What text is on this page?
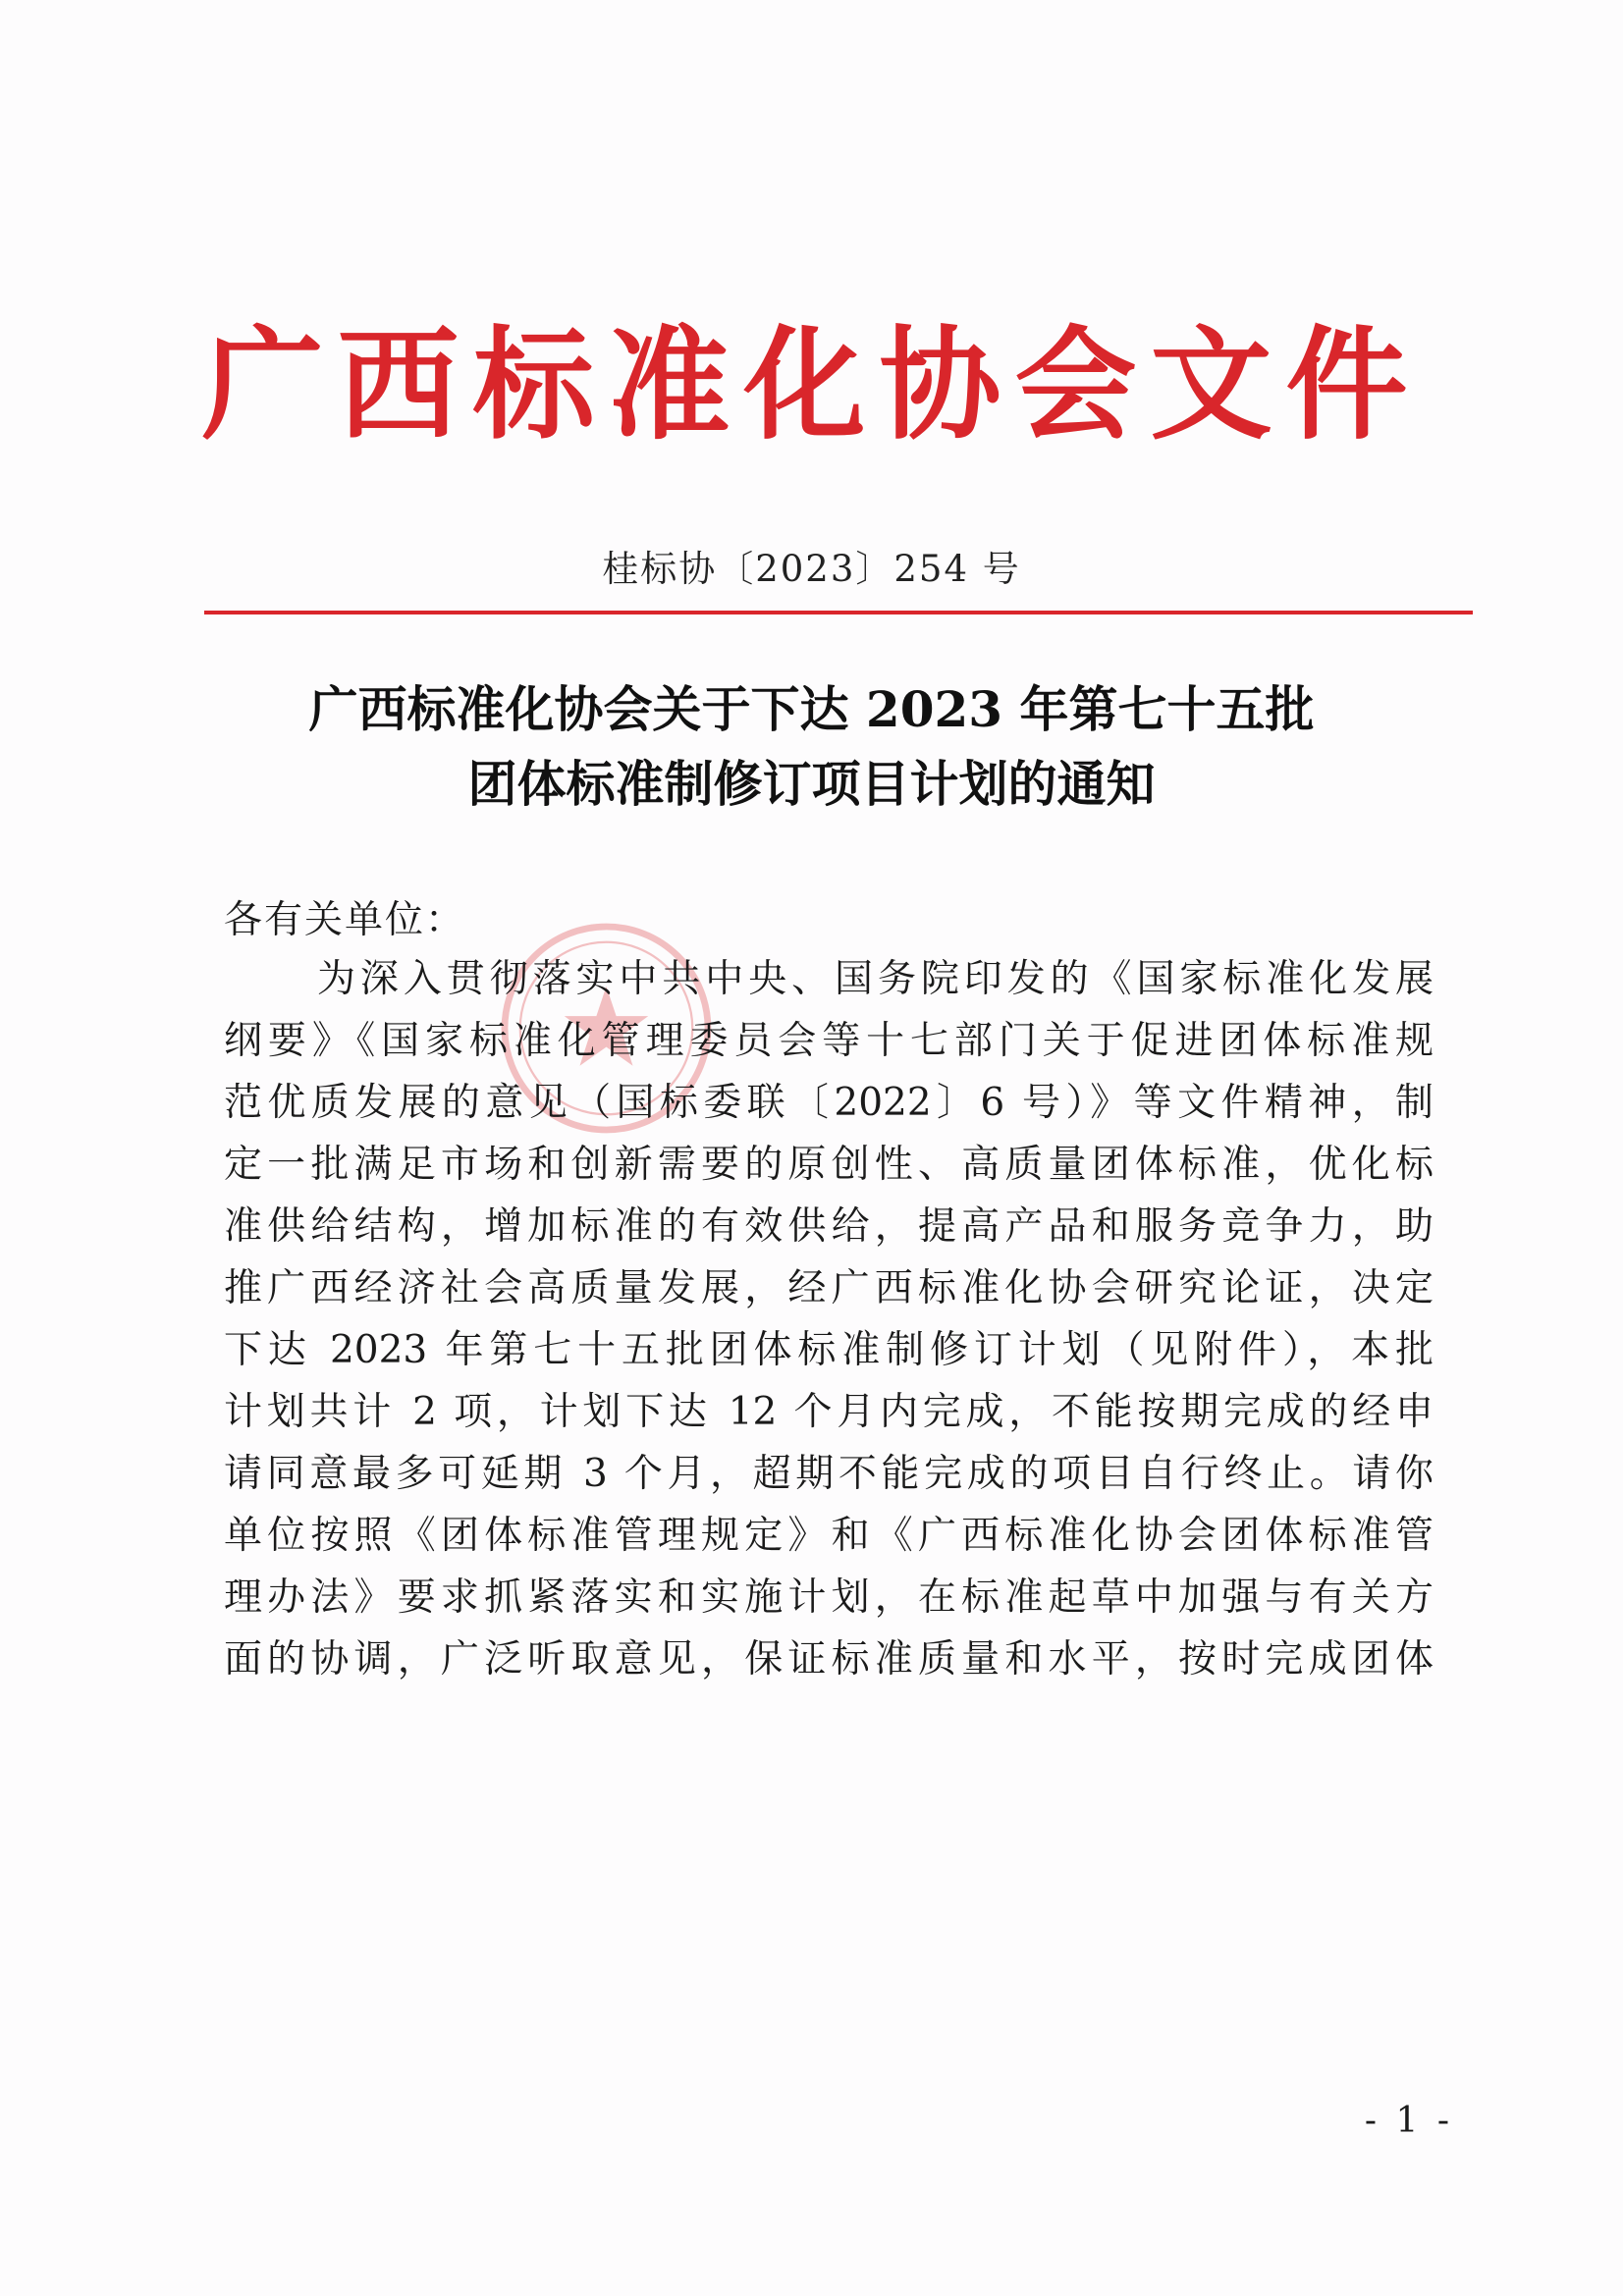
广西标准化协会文件
桂标协〔2023〕254 号
广西标准化协会关于下达 2023 年第七十五批
团体标准制修订项目计划的通知
各有关单位：
为深入贯彻落实中共中央、国务院印发的《国家标准化发展
纲要》《国家标准化管理委员会等十七部门关于促进团体标准规
范优质发展的意见（国标委联〔2022〕6 号）》等文件精神，制
定一批满足市场和创新需要的原创性、高质量团体标准，优化标
准供给结构，增加标准的有效供给，提高产品和服务竞争力，助
推广西经济社会高质量发展，经广西标准化协会研究论证，决定
下达 2023 年第七十五批团体标准制修订计划（见附件），本批
计划共计 2 项，计划下达 12 个月内完成，不能按期完成的经申
请同意最多可延期 3 个月，超期不能完成的项目自行终止。请你
单位按照《团体标准管理规定》和《广西标准化协会团体标准管
理办法》要求抓紧落实和实施计划，在标准起草中加强与有关方
面的协调，广泛听取意见，保证标准质量和水平，按时完成团体
- 1 -
